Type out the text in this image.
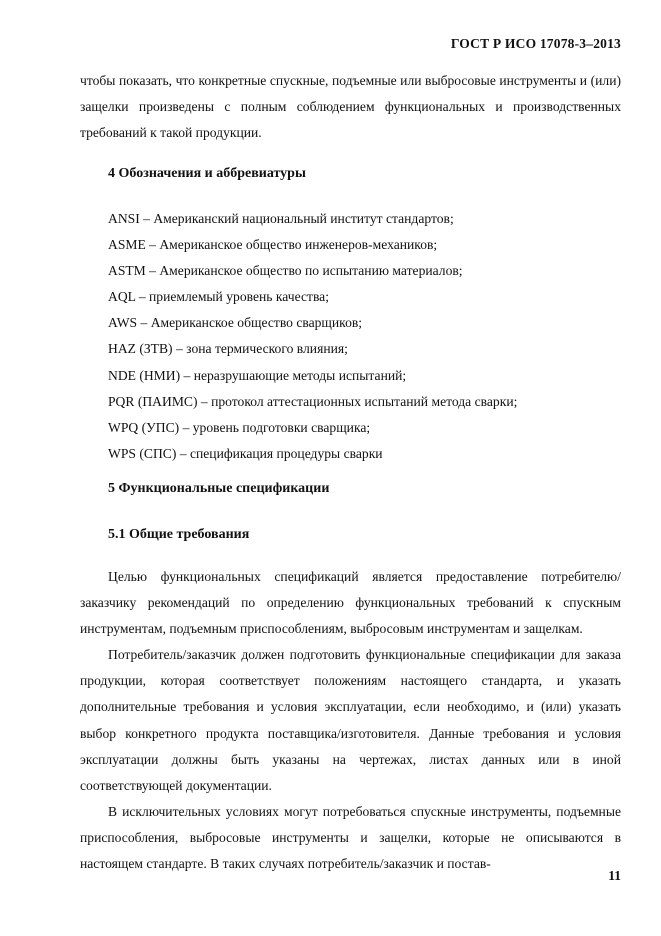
ГОСТ Р ИСО 17078-3–2013
чтобы показать, что конкретные спускные, подъемные или выбросовые инструменты и (или) защелки произведены с полным соблюдением функциональных и производственных требований к такой продукции.
4 Обозначения и аббревиатуры
ANSI – Американский национальный институт стандартов;
ASME – Американское общество инженеров-механиков;
ASTM – Американское общество по испытанию материалов;
AQL – приемлемый уровень качества;
AWS – Американское общество сварщиков;
HAZ (ЗТВ) – зона термического влияния;
NDE (НМИ) – неразрушающие методы испытаний;
PQR (ПАИМС) – протокол аттестационных испытаний метода сварки;
WPQ (УПС) – уровень подготовки сварщика;
WPS (СПС) – спецификация процедуры сварки
5 Функциональные спецификации
5.1 Общие требования

Целью функциональных спецификаций является предоставление потребителю/заказчику рекомендаций по определению функциональных требований к спускным инструментам, подъемным приспособлениям, выбросовым инструментам и защелкам.

Потребитель/заказчик должен подготовить функциональные спецификации для заказа продукции, которая соответствует положениям настоящего стандарта, и указать дополнительные требования и условия эксплуатации, если необходимо, и (или) указать выбор конкретного продукта поставщика/изготовителя. Данные требования и условия эксплуатации должны быть указаны на чертежах, листах данных или в иной соответствующей документации.

В исключительных условиях могут потребоваться спускные инструменты, подъемные приспособления, выбросовые инструменты и защелки, которые не описываются в настоящем стандарте. В таких случаях потребитель/заказчик и постав-

11
